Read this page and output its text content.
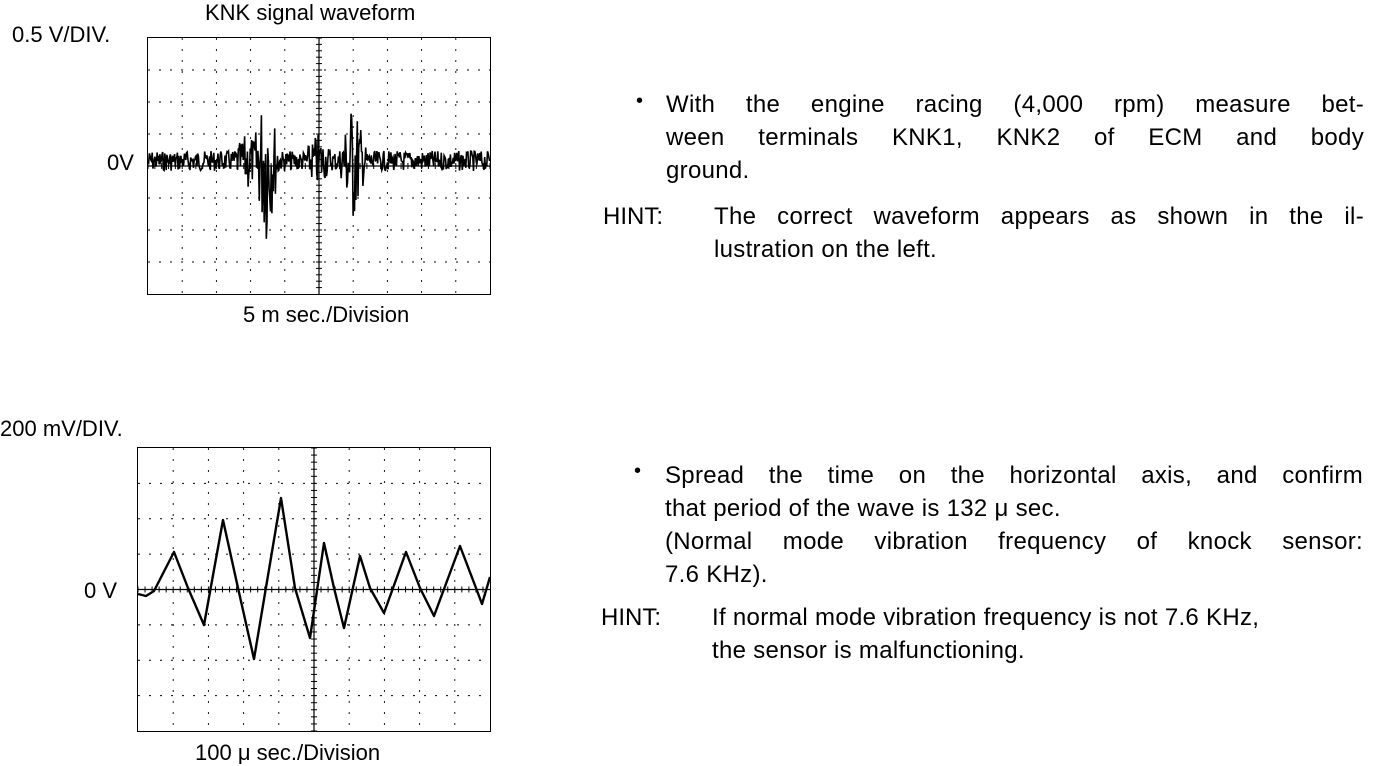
KNK signal waveform
0.5 V/DIV.
0V
5 m sec./Division
200 mV/DIV.
0 V
100 μ sec./Division
• With the engine racing (4,000 rpm) measure bet-
ween terminals KNK1, KNK2 of ECM and body
ground.
HINT: The correct waveform appears as shown in the il-
lustration on the left.
• Spread the time on the horizontal axis, and confirm
that period of the wave is 132 μ sec.
(Normal mode vibration frequency of knock sensor:
7.6 KHz).
HINT: If normal mode vibration frequency is not 7.6 KHz,
the sensor is malfunctioning.
